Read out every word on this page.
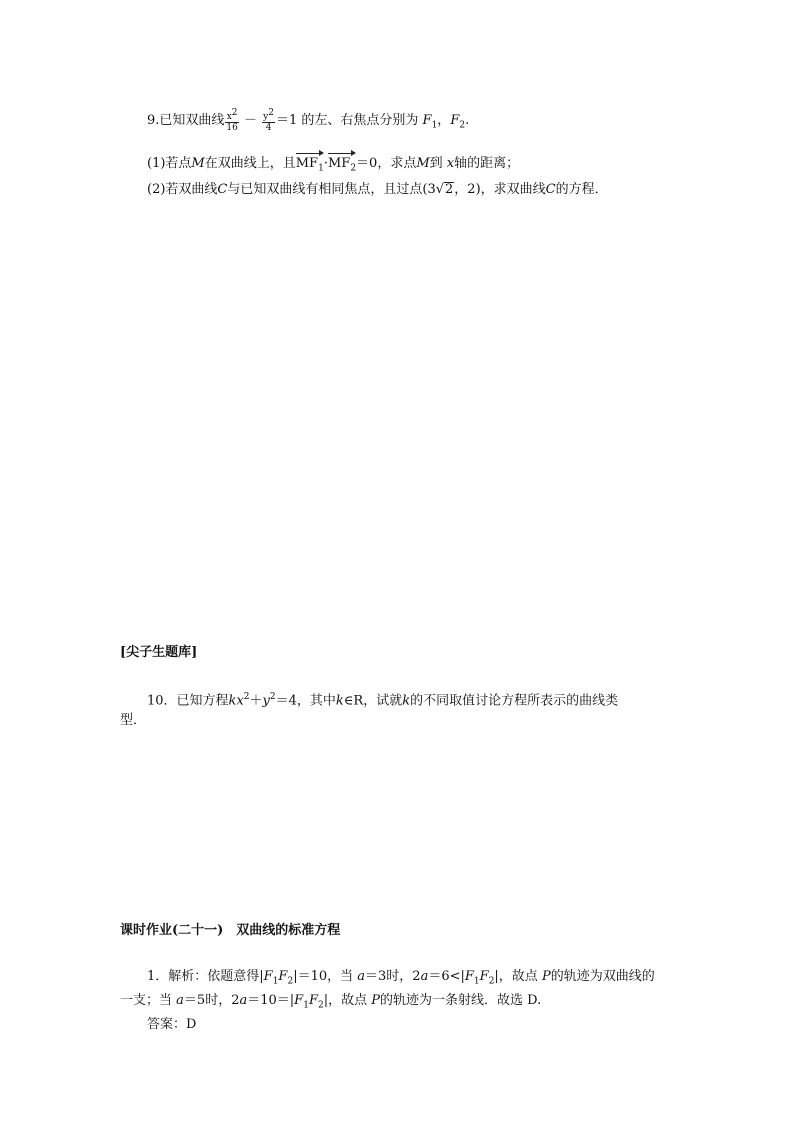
9.已知双曲线 $\frac{x^2}{16} - \frac{y^2}{4} =1$ 的左、右焦点分别为 $F_1$，$F_2$.
(1)若点M在双曲线上，且$MF_1\cdot MF_2=0$，求点M到 x轴的距离；
(2)若双曲线C与已知双曲线有相同焦点，且过点(3√2，2)，求双曲线C的方程．
[尖子生题库]
10．已知方程$kx^2+y^2=4$，其中k∈R，试就k的不同取值讨论方程所表示的曲线类
型．
课时作业(二十一)　双曲线的标准方程
1．解析：依题意得$|F_1F_2|=10$，当 a＝3时，$2a=6<|F_1F_2|$，故点 P的轨迹为双曲线的
一支；当 a＝5时，$2a=10=|F_1F_2|$，故点 P的轨迹为一条射线．故选 D.
答案：D
